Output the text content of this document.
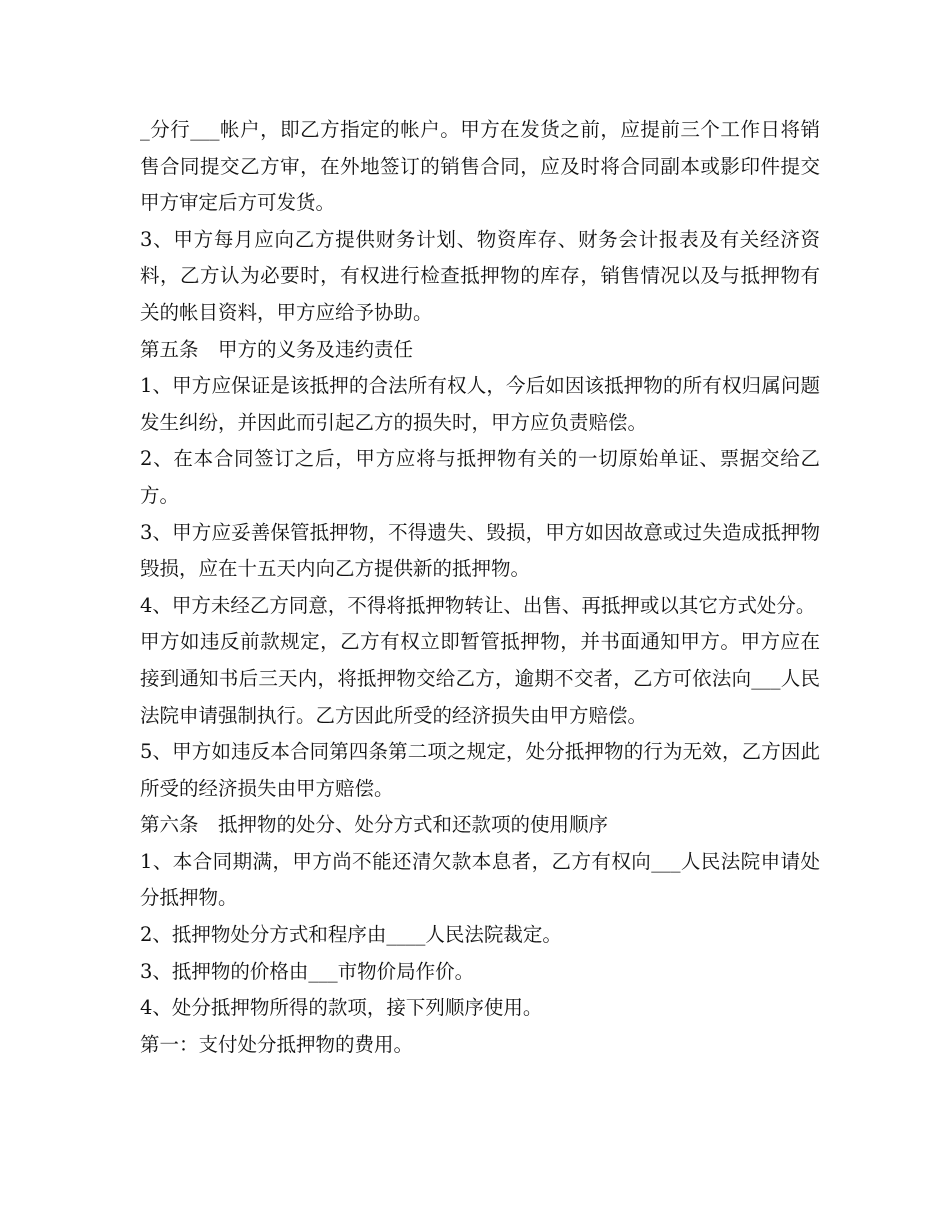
_分行___帐户，即乙方指定的帐户。甲方在发货之前，应提前三个工作日将销售合同提交乙方审，在外地签订的销售合同，应及时将合同副本或影印件提交甲方审定后方可发货。

3、甲方每月应向乙方提供财务计划、物资库存、财务会计报表及有关经济资料，乙方认为必要时，有权进行检查抵押物的库存，销售情况以及与抵押物有关的帐目资料，甲方应给予协助。

第五条　甲方的义务及违约责任

1、甲方应保证是该抵押的合法所有权人，今后如因该抵押物的所有权归属问题发生纠纷，并因此而引起乙方的损失时，甲方应负责赔偿。

2、在本合同签订之后，甲方应将与抵押物有关的一切原始单证、票据交给乙方。

3、甲方应妥善保管抵押物，不得遗失、毁损，甲方如因故意或过失造成抵押物毁损，应在十五天内向乙方提供新的抵押物。

4、甲方未经乙方同意，不得将抵押物转让、出售、再抵押或以其它方式处分。

甲方如违反前款规定，乙方有权立即暂管抵押物，并书面通知甲方。甲方应在接到通知书后三天内，将抵押物交给乙方，逾期不交者，乙方可依法向___人民法院申请强制执行。乙方因此所受的经济损失由甲方赔偿。

5、甲方如违反本合同第四条第二项之规定，处分抵押物的行为无效，乙方因此所受的经济损失由甲方赔偿。

第六条　抵押物的处分、处分方式和还款项的使用顺序

1、本合同期满，甲方尚不能还清欠款本息者，乙方有权向___人民法院申请处分抵押物。

2、抵押物处分方式和程序由____人民法院裁定。

3、抵押物的价格由___市物价局作价。

4、处分抵押物所得的款项，接下列顺序使用。

第一：支付处分抵押物的费用。
